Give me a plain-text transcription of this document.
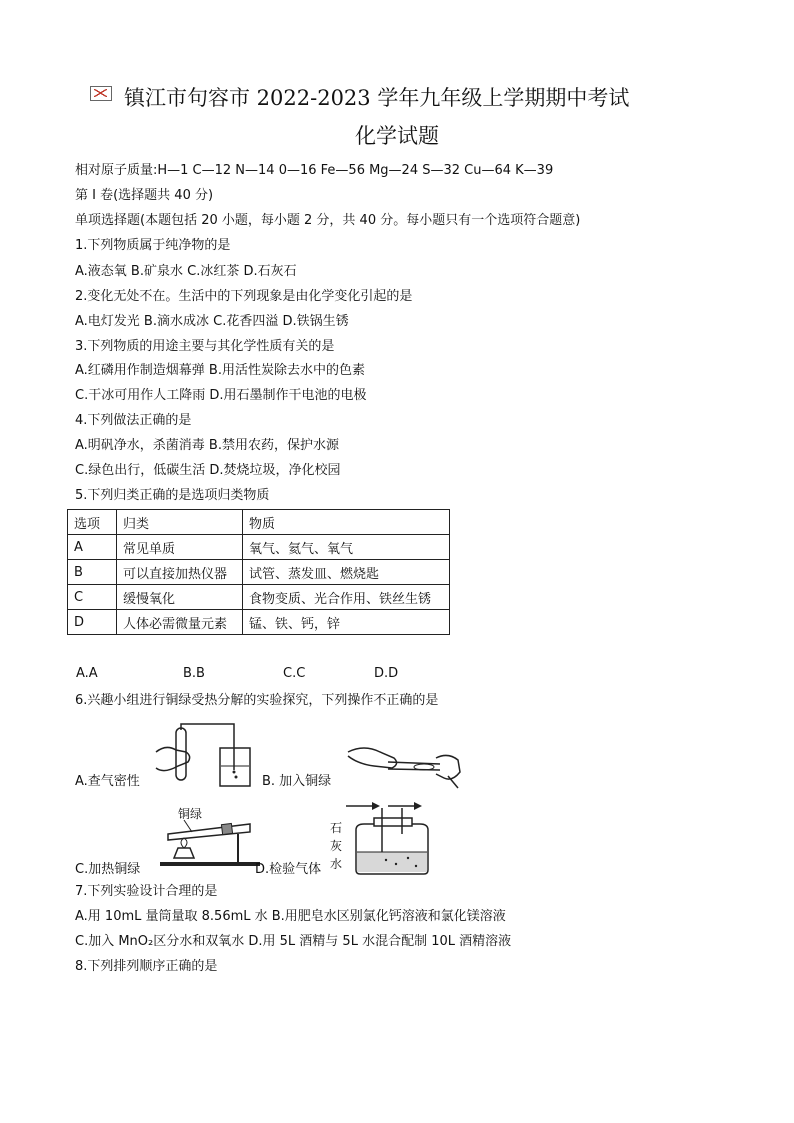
镇江市句容市 2022-2023 学年九年级上学期期中考试
化学试题
相对原子质量:H—1 C—12 N—14 0—16 Fe—56 Mg—24 S—32 Cu—64 K—39
第 I 卷(选择题共 40 分)
单项选择题(本题包括 20 小题，每小题 2 分，共 40 分。每小题只有一个选项符合题意)
1.下列物质属于纯净物的是
A.液态氧 B.矿泉水 C.冰红茶 D.石灰石
2.变化无处不在。生活中的下列现象是由化学变化引起的是
A.电灯发光 B.滴水成冰 C.花香四溢 D.铁锅生锈
3.下列物质的用途主要与其化学性质有关的是
A.红磷用作制造烟幕弹 B.用活性炭除去水中的色素
C.干冰可用作人工降雨 D.用石墨制作干电池的电极
4.下列做法正确的是
A.明矾净水，杀菌消毒 B.禁用农药，保护水源
C.绿色出行，低碳生活 D.焚烧垃圾，净化校园
5.下列归类正确的是选项归类物质
选项	归类	物质
A	常见单质	氧气、氦气、氧气
B	可以直接加热仪器	试管、蒸发皿、燃烧匙
C	缓慢氧化	食物变质、光合作用、铁丝生锈
D	人体必需微量元素	锰、铁、钙，锌
A.A	B.B	C.C	D.D
6.兴趣小组进行铜绿受热分解的实验探究，下列操作不正确的是
A.查气密性	B. 加入铜绿
铜绿
C.加热铜绿
石
灰
水
D.检验气体
7.下列实验设计合理的是
A.用 10mL 量筒量取 8.56mL 水 B.用肥皂水区别氯化钙溶液和氯化镁溶液
C.加入 MnO₂区分水和双氧水 D.用 5L 酒精与 5L 水混合配制 10L 酒精溶液
8.下列排列顺序正确的是
